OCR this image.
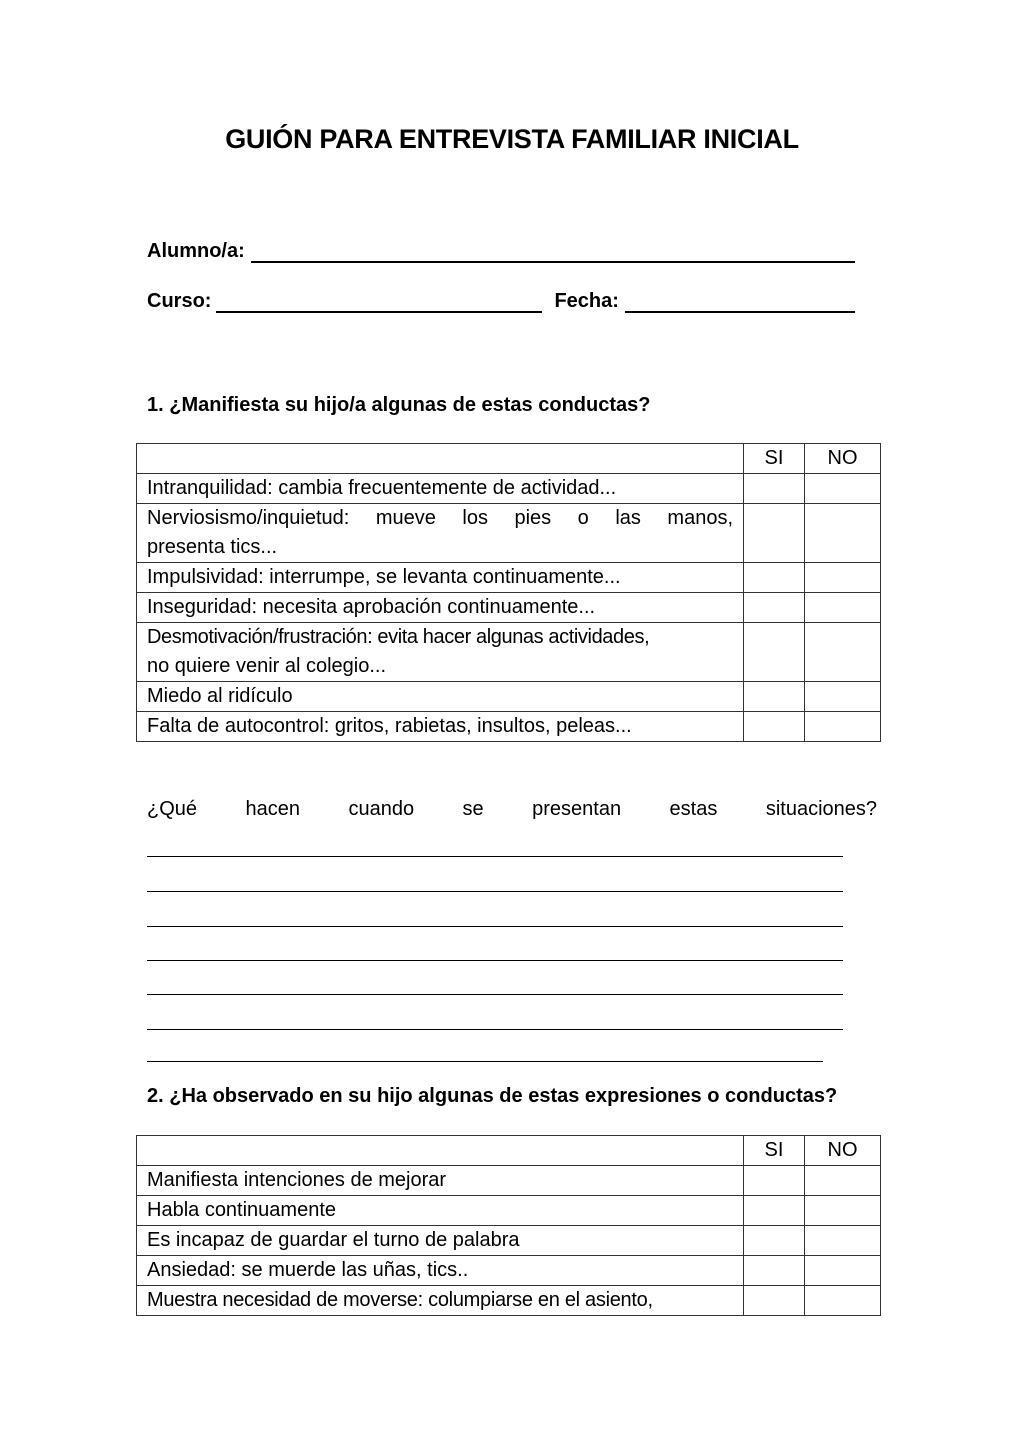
GUIÓN PARA ENTREVISTA FAMILIAR INICIAL
Alumno/a:
Curso:	Fecha:
1. ¿Manifiesta su hijo/a algunas de estas conductas?
	SI	NO
Intranquilidad: cambia frecuentemente de actividad...		

Nerviosismo/inquietud: mueve los pies o las manos,
presenta tics...		

Impulsividad: interrumpe, se levanta continuamente...		
Inseguridad: necesita aprobación continuamente...		

Desmotivación/frustración: evita hacer algunas actividades,
no quiere venir al colegio...		

Miedo al ridículo		
Falta de autocontrol: gritos, rabietas, insultos, peleas...		
¿Qué hacen cuando se presentan estas situaciones?
2. ¿Ha observado en su hijo algunas de estas expresiones o conductas?
	SI	NO
Manifiesta intenciones de mejorar		
Habla continuamente		
Es incapaz de guardar el turno de palabra		
Ansiedad: se muerde las uñas, tics..		
Muestra necesidad de moverse: columpiarse en el asiento,		
